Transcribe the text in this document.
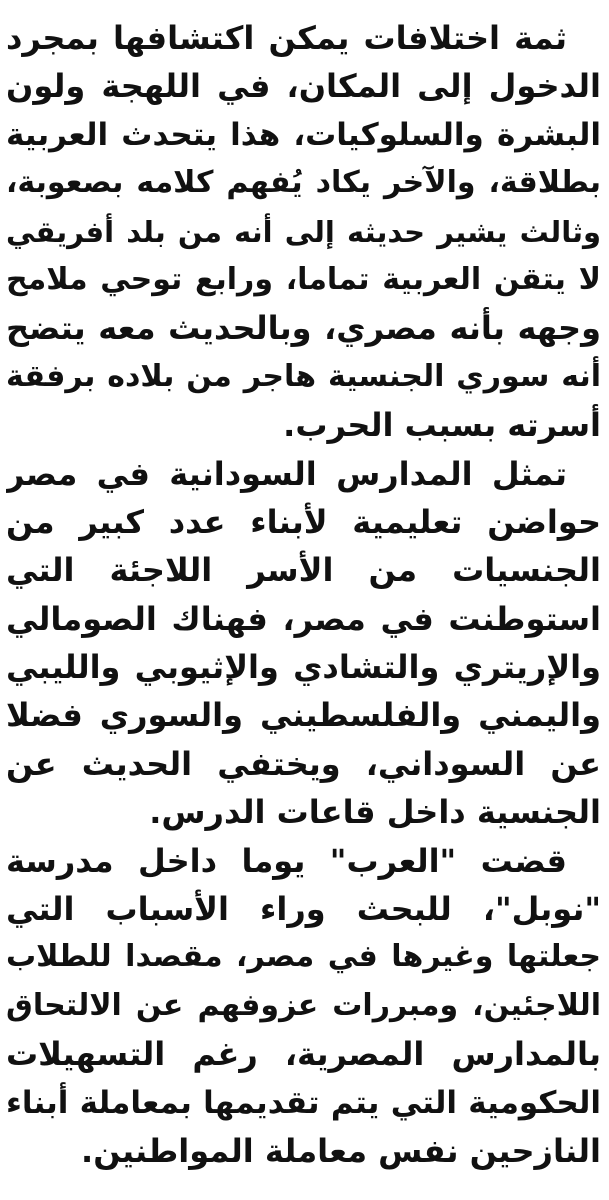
ثمة اختلافات يمكن اكتشافها بمجرد
الدخول إلى المكان، في اللهجة ولون
البشرة والسلوكيات، هذا يتحدث العربية
بطلاقة، والآخر يكاد يُفهم كلامه بصعوبة،
وثالث يشير حديثه إلى أنه من بلد أفريقي
لا يتقن العربية تماما، ورابع توحي ملامح
وجهه بأنه مصري، وبالحديث معه يتضح
أنه سوري الجنسية هاجر من بلاده برفقة
أسرته بسبب الحرب.
تمثل المدارس السودانية في مصر
حواضن تعليمية لأبناء عدد كبير من
الجنسيات من الأسر اللاجئة التي
استوطنت في مصر، فهناك الصومالي
والإريتري والتشادي والإثيوبي والليبي
واليمني والفلسطيني والسوري فضلا
عن السوداني، ويختفي الحديث عن
الجنسية داخل قاعات الدرس.
قضت "العرب" يوما داخل مدرسة
"نوبل"، للبحث وراء الأسباب التي
جعلتها وغيرها في مصر، مقصدا للطلاب
اللاجئين، ومبررات عزوفهم عن الالتحاق
بالمدارس المصرية، رغم التسهيلات
الحكومية التي يتم تقديمها بمعاملة أبناء
النازحين نفس معاملة المواطنين.
